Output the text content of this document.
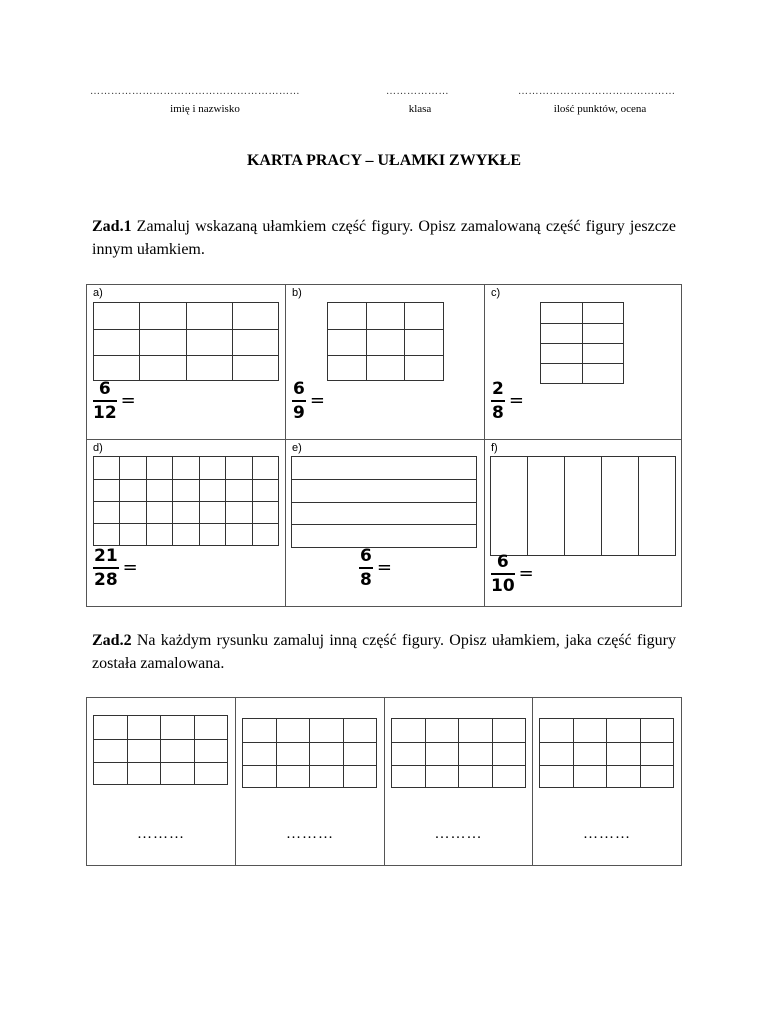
……………………………………………………	………………	………………………………………
imię i nazwisko	klasa	ilość punktów, ocena
KARTA PRACY – UŁAMKI ZWYKŁE
Zad.1 Zamaluj wskazaną ułamkiem część figury. Opisz zamalowaną część figury jeszcze innym ułamkiem.
a)
$\frac{6}{12}$ =	b)
$\frac{6}{9}$ =	c)
$\frac{2}{8}$ =

d)
$\frac{21}{28}$ =	e)
$\frac{6}{8}$ =	f)
$\frac{6}{10}$ =
Zad.2 Na każdym rysunku zamaluj inną część figury. Opisz ułamkiem, jaka część figury została zamalowana.
………	………	………	………
